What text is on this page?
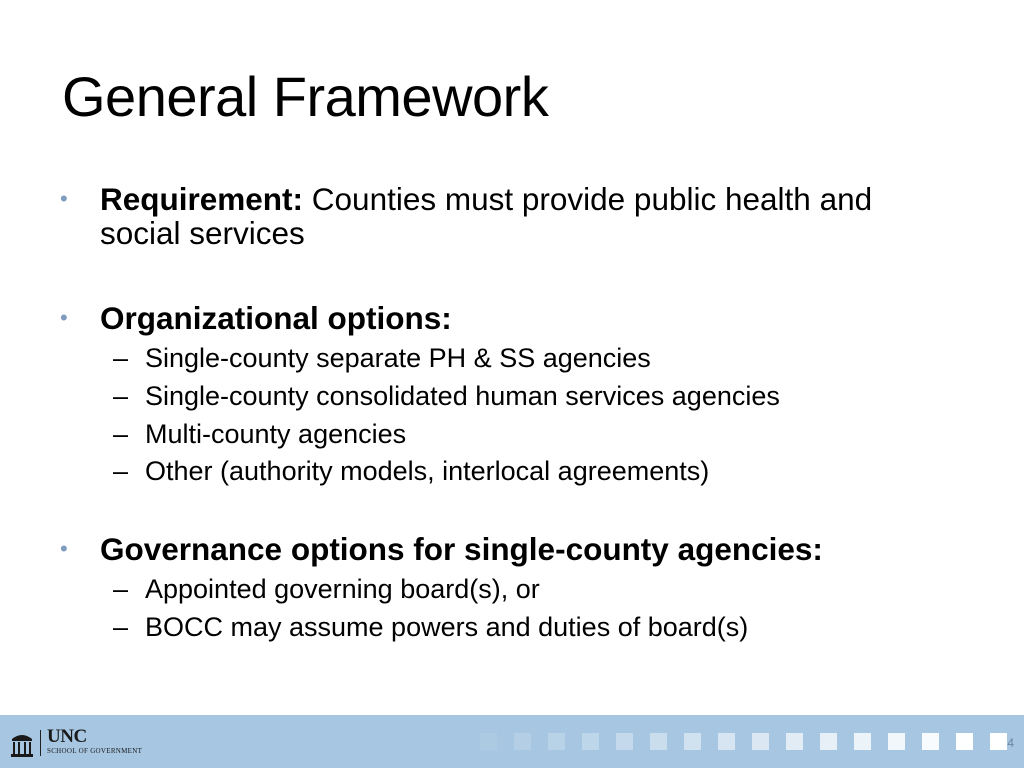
General Framework
• Requirement: Counties must provide public health and social services
• Organizational options:
– Single-county separate PH & SS agencies
– Single-county consolidated human services agencies
– Multi-county agencies
– Other (authority models, interlocal agreements)
• Governance options for single-county agencies:
– Appointed governing board(s), or
– BOCC may assume powers and duties of board(s)
UNC
SCHOOL OF GOVERNMENT
4
